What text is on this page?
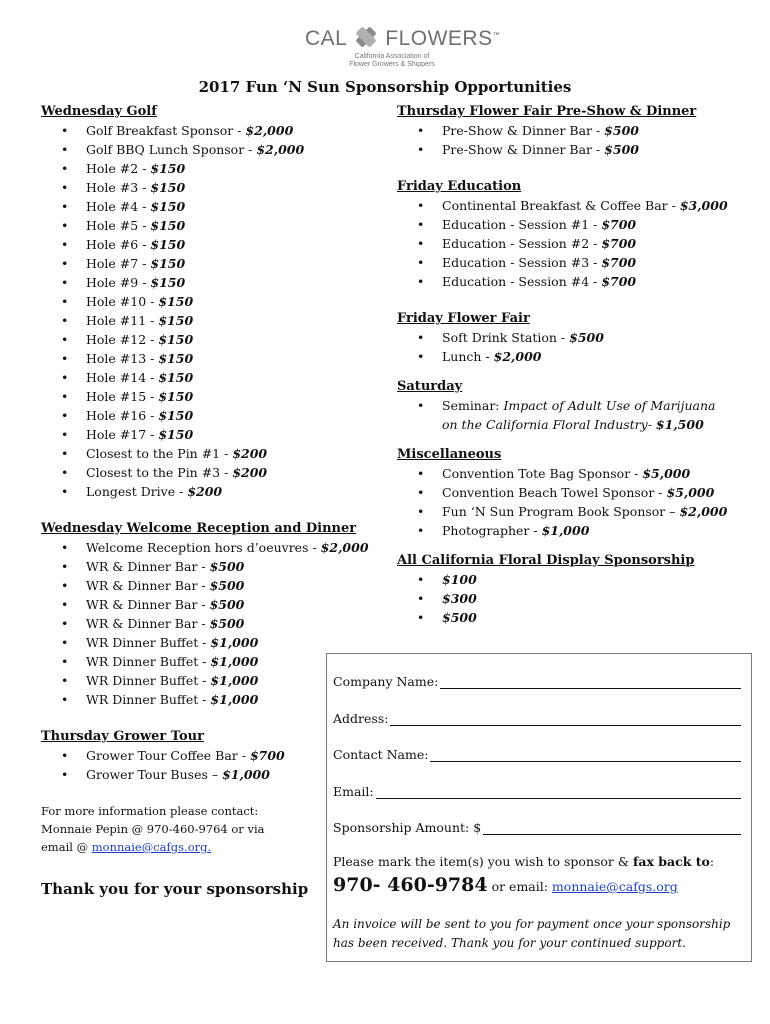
CAL FLOWERS™
California Association of
Flower Growers & Shippers
2017 Fun ‘N Sun Sponsorship Opportunities
Wednesday Golf
• Golf Breakfast Sponsor - $2,000
• Golf BBQ Lunch Sponsor - $2,000
• Hole #2 - $150
• Hole #3 - $150
• Hole #4 - $150
• Hole #5 - $150
• Hole #6 - $150
• Hole #7 - $150
• Hole #9 - $150
• Hole #10 - $150
• Hole #11 - $150
• Hole #12 - $150
• Hole #13 - $150
• Hole #14 - $150
• Hole #15 - $150
• Hole #16 - $150
• Hole #17 - $150
• Closest to the Pin #1 - $200
• Closest to the Pin #3 - $200
• Longest Drive - $200
Wednesday Welcome Reception and Dinner
• Welcome Reception hors d’oeuvres - $2,000
• WR & Dinner Bar - $500
• WR & Dinner Bar - $500
• WR & Dinner Bar - $500
• WR & Dinner Bar - $500
• WR Dinner Buffet - $1,000
• WR Dinner Buffet - $1,000
• WR Dinner Buffet - $1,000
• WR Dinner Buffet - $1,000
Thursday Grower Tour
• Grower Tour Coffee Bar - $700
• Grower Tour Buses – $1,000
For more information please contact:
Monnaie Pepin @ 970-460-9764 or via
email @ monnaie@cafgs.org.
Thank you for your sponsorship
Thursday Flower Fair Pre-Show & Dinner
• Pre-Show & Dinner Bar - $500
• Pre-Show & Dinner Bar - $500
Friday Education
• Continental Breakfast & Coffee Bar - $3,000
• Education - Session #1 - $700
• Education - Session #2 - $700
• Education - Session #3 - $700
• Education - Session #4 - $700
Friday Flower Fair
• Soft Drink Station - $500
• Lunch - $2,000
Saturday
• Seminar: Impact of Adult Use of Marijuana
on the California Floral Industry- $1,500
Miscellaneous
• Convention Tote Bag Sponsor - $5,000
• Convention Beach Towel Sponsor - $5,000
• Fun ‘N Sun Program Book Sponsor – $2,000
• Photographer - $1,000
All California Floral Display Sponsorship
• $100
• $300
• $500
Company Name:
Address:
Contact Name:
Email:
Sponsorship Amount: $
Please mark the item(s) you wish to sponsor & fax back to:
970- 460-9784 or email: monnaie@cafgs.org
An invoice will be sent to you for payment once your sponsorship has been received. Thank you for your continued support.
